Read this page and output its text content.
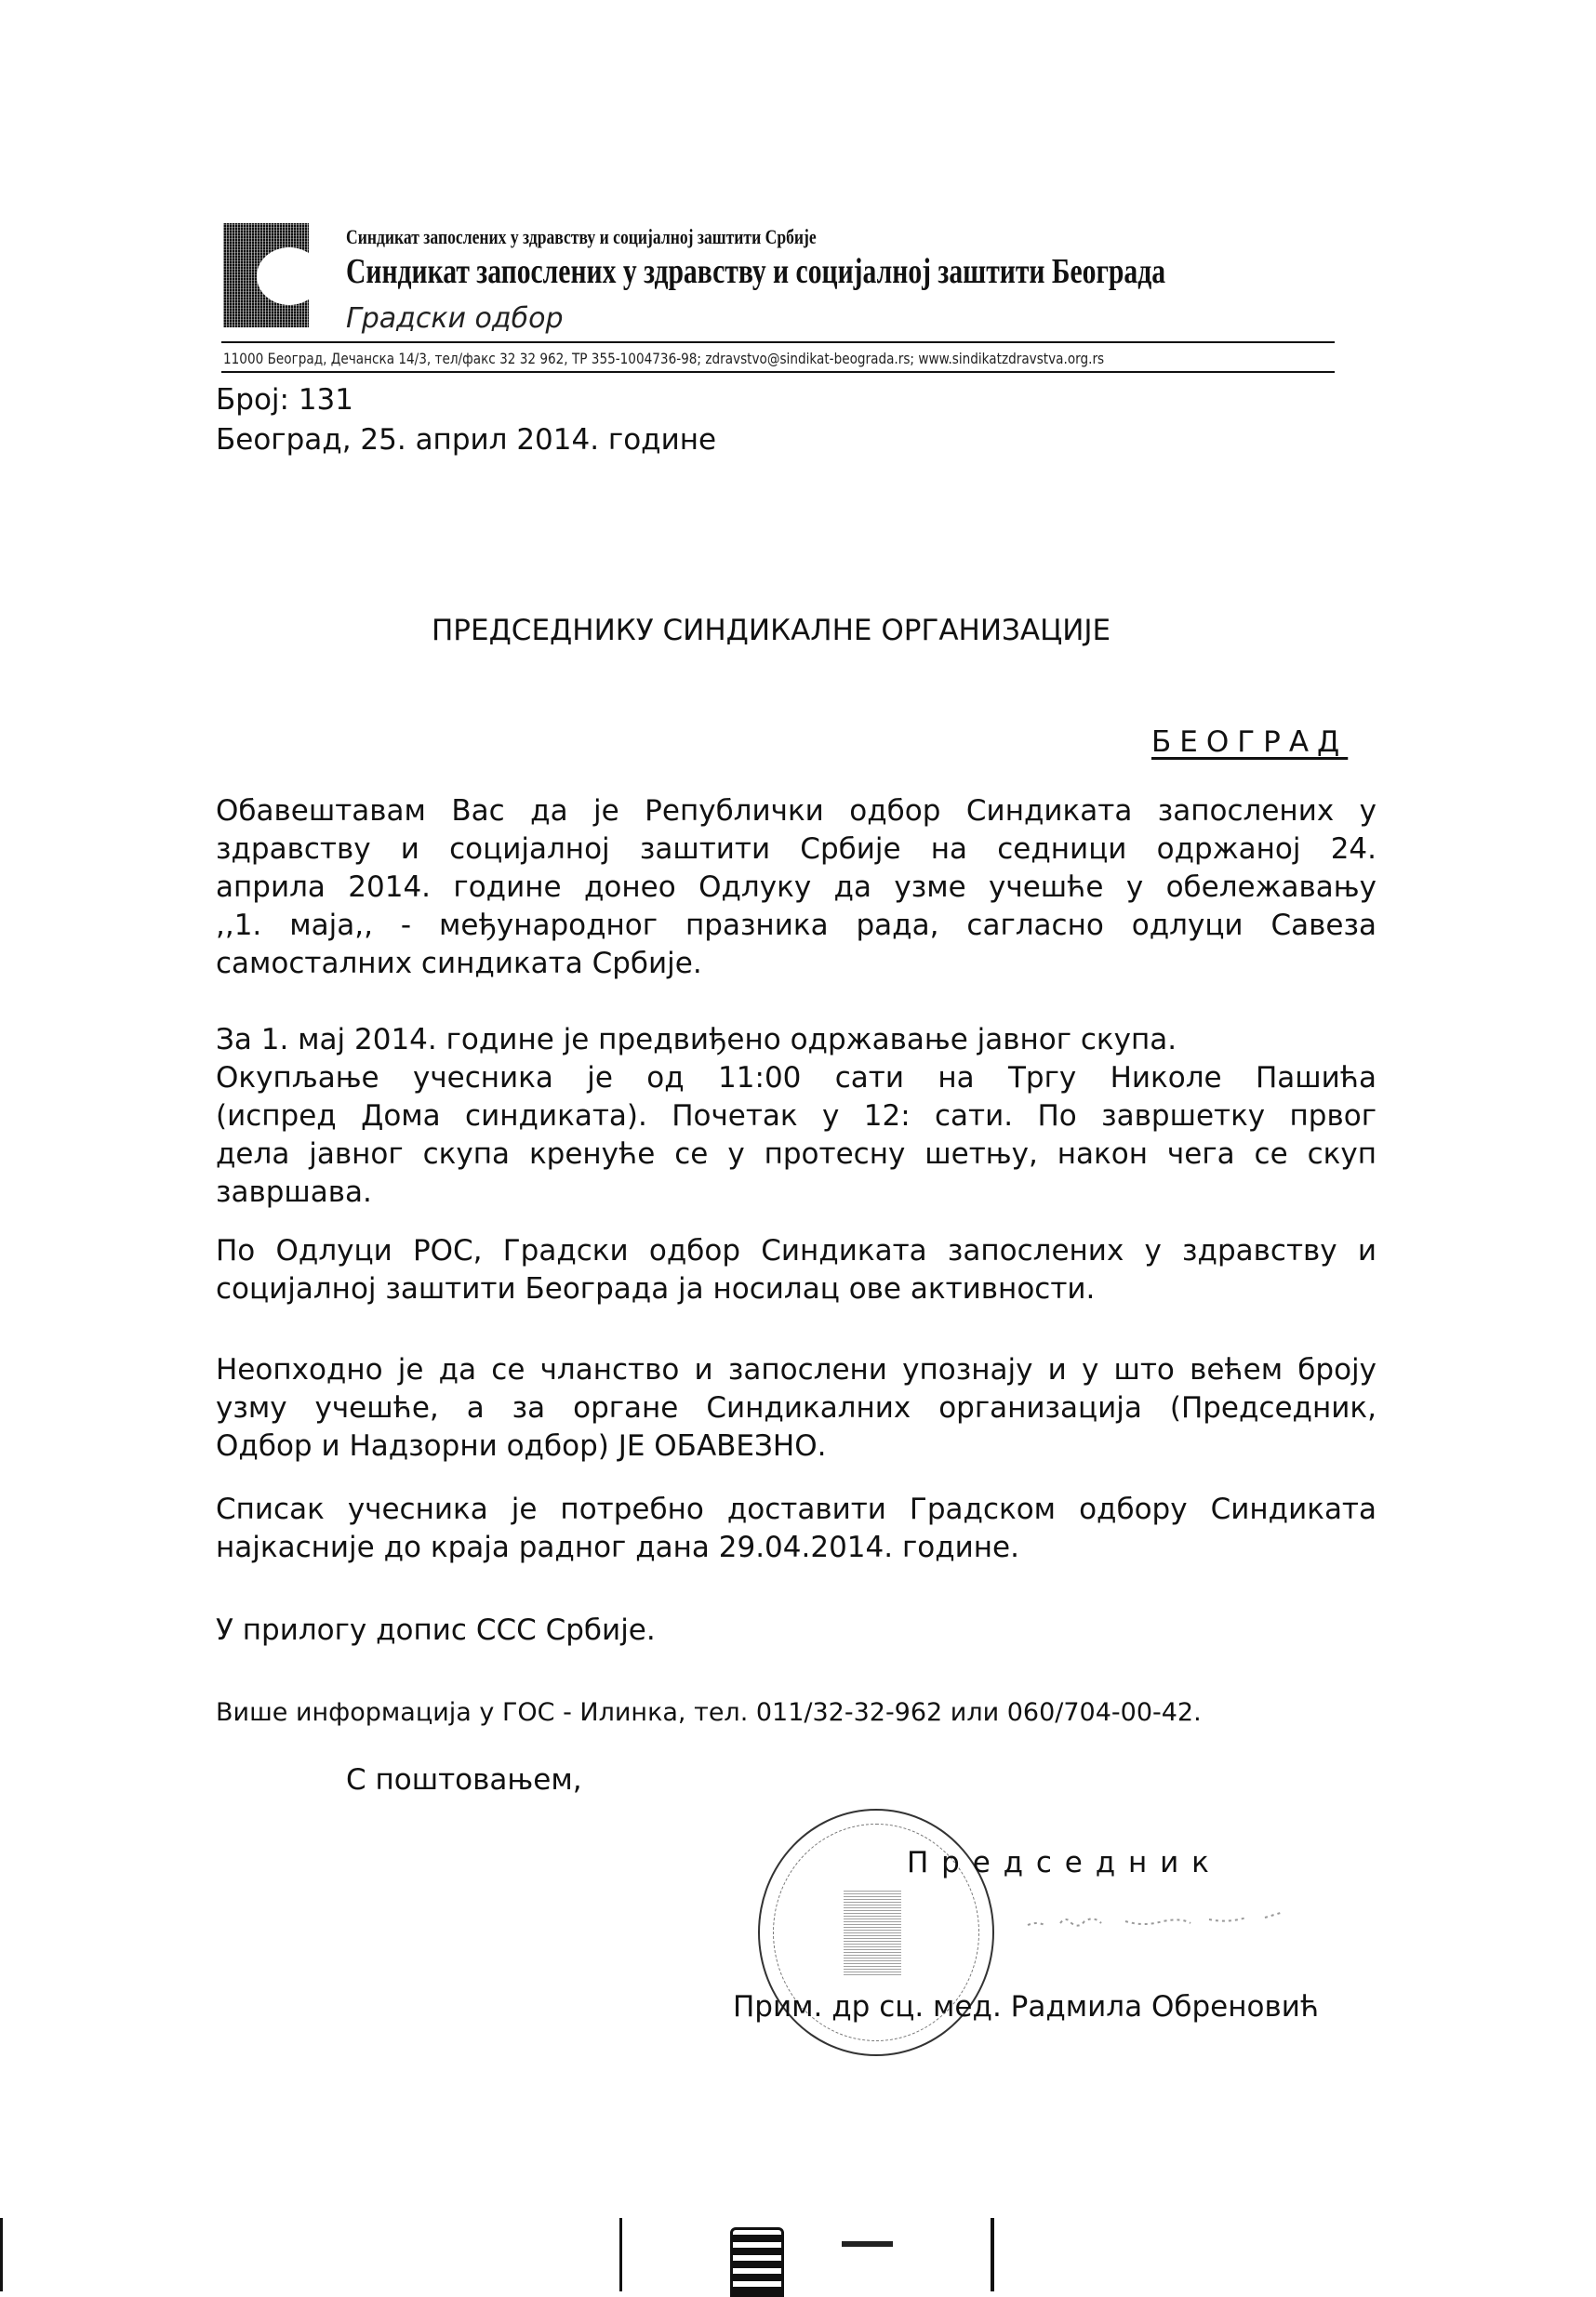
Синдикат запослених у здравству и социјалној заштити Србије
Синдикат запослених у здравству и социјалној заштити Београда
Градски одбор
11000 Београд, Дечанска 14/3, тел/факс 32 32 962, ТР 355-1004736-98; zdravstvo@sindikat-beograda.rs; www.sindikatzdravstva.org.rs
Број: 131
Београд, 25. април 2014. године
ПРЕДСЕДНИКУ СИНДИКАЛНЕ ОРГАНИЗАЦИЈЕ
БЕОГРАД
Обавештавам Вас да је Републички одбор Синдиката запослених у
здравству и социјалној заштити Србије на седници одржаној 24.
априла 2014. године донео Одлуку да узме учешће у обележавању
,,1. маја,, - међународног празника рада, сагласно одлуци Савеза
самосталних синдиката Србије.
За 1. мај 2014. године је предвиђено одржавање јавног скупа.
Окупљање учесника је од 11:00 сати на Тргу Николе Пашића
(испред Дома синдиката). Почетак у 12: сати. По завршетку првог
дела јавног скупа кренуће се у протесну шетњу, након чега се скуп
завршава.
По Одлуци РОС, Градски одбор Синдиката запослених у здравству и
социјалној заштити Београда ја носилац ове активности.
Неопходно је да се чланство и запослени упознају и у што већем броју
узму учешће, а за органе Синдикалних организација (Председник,
Одбор и Надзорни одбор) ЈЕ ОБАВЕЗНО.
Списак учесника је потребно доставити Градском одбору Синдиката
најкасније до краја радног дана 29.04.2014. године.
У прилогу допис ССС Србије.
Више информација у ГОС - Илинка, тел. 011/32-32-962 или 060/704-00-42.
С поштовањем,
П р е д с е д н и к
Прим. др сц. мед. Радмила Обреновић
